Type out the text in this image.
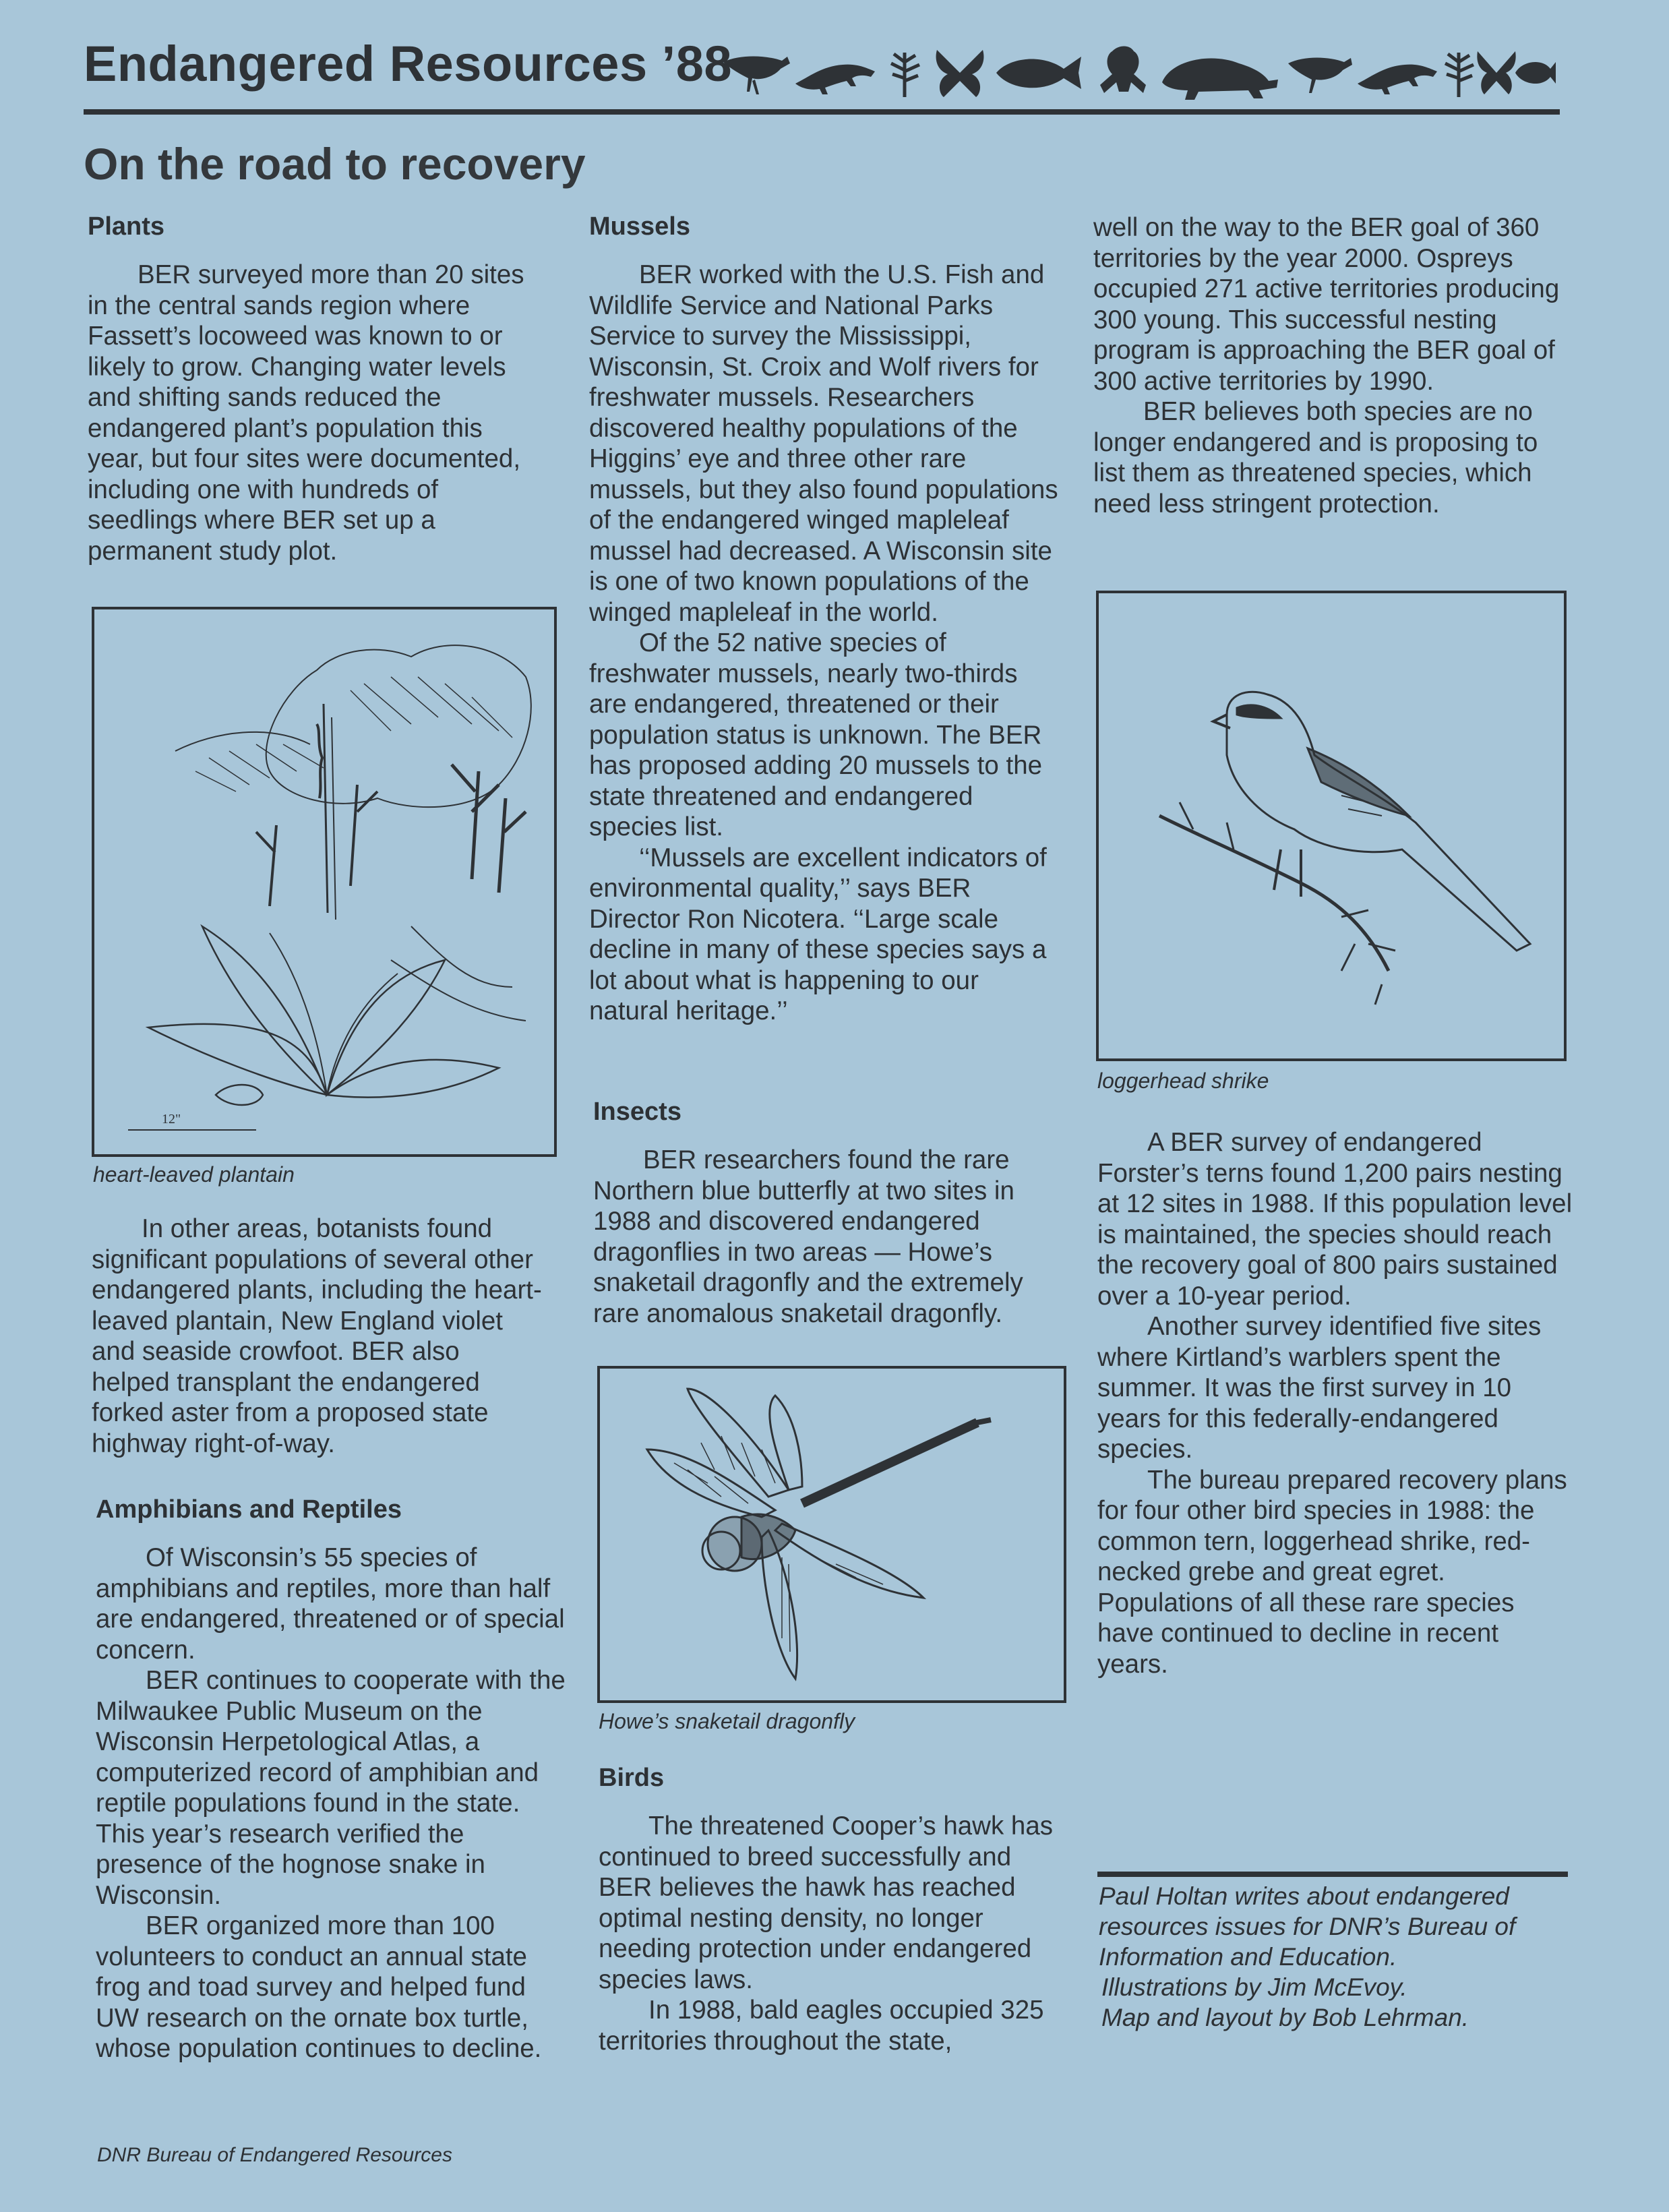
Endangered Resources ’88
On the road to recovery
Plants

BER surveyed more than 20 sites in the central sands region where Fassett’s locoweed was known to or likely to grow. Changing water levels and shifting sands reduced the endangered plant’s population this year, but four sites were documented, including one with hundreds of seedlings where BER set up a permanent study plot.

12"
heart-leaved plantain

In other areas, botanists found significant populations of several other endangered plants, including the heart-leaved plantain, New England violet and seaside crowfoot. BER also helped transplant the endangered forked aster from a proposed state highway right-of-way.

Amphibians and Reptiles

Of Wisconsin’s 55 species of amphibians and reptiles, more than half are endangered, threatened or of special concern.

BER continues to cooperate with the Milwaukee Public Museum on the Wisconsin Herpetological Atlas, a computerized record of amphibian and reptile populations found in the state. This year’s research verified the presence of the hognose snake in Wisconsin.

BER organized more than 100 volunteers to conduct an annual state frog and toad survey and helped fund UW research on the ornate box turtle, whose population continues to decline.

Mussels

BER worked with the U.S. Fish and Wildlife Service and National Parks Service to survey the Mississippi, Wisconsin, St. Croix and Wolf rivers for freshwater mussels. Researchers discovered healthy populations of the Higgins’ eye and three other rare mussels, but they also found populations of the endangered winged mapleleaf mussel had decreased. A Wisconsin site is one of two known populations of the winged mapleleaf in the world.

Of the 52 native species of freshwater mussels, nearly two-thirds are endangered, threatened or their population status is unknown. The BER has proposed adding 20 mussels to the state threatened and endangered species list.

‘‘Mussels are excellent indicators of environmental quality,’’ says BER Director Ron Nicotera. ‘‘Large scale decline in many of these species says a lot about what is happening to our natural heritage.’’

Insects

BER researchers found the rare Northern blue butterfly at two sites in 1988 and discovered endangered dragonflies in two areas — Howe’s snaketail dragonfly and the extremely rare anomalous snaketail dragonfly.

Howe’s snaketail dragonfly
Birds

The threatened Cooper’s hawk has continued to breed successfully and BER believes the hawk has reached optimal nesting density, no longer needing protection under endangered species laws.

In 1988, bald eagles occupied 325 territories throughout the state,

well on the way to the BER goal of 360 territories by the year 2000. Ospreys occupied 271 active territories producing 300 young. This successful nesting program is approaching the BER goal of 300 active territories by 1990.

BER believes both species are no longer endangered and is proposing to list them as threatened species, which need less stringent protection.

loggerhead shrike

A BER survey of endangered Forster’s terns found 1,200 pairs nesting at 12 sites in 1988. If this population level is maintained, the species should reach the recovery goal of 800 pairs sustained over a 10-year period.

Another survey identified five sites where Kirtland’s warblers spent the summer. It was the first survey in 10 years for this federally-endangered species.

The bureau prepared recovery plans for four other bird species in 1988: the common tern, loggerhead shrike, red-necked grebe and great egret. Populations of all these rare species have continued to decline in recent years.

Paul Holtan writes about endangered resources issues for DNR’s Bureau of Information and Education.
Illustrations by Jim McEvoy.
Map and layout by Bob Lehrman.
DNR Bureau of Endangered Resources
